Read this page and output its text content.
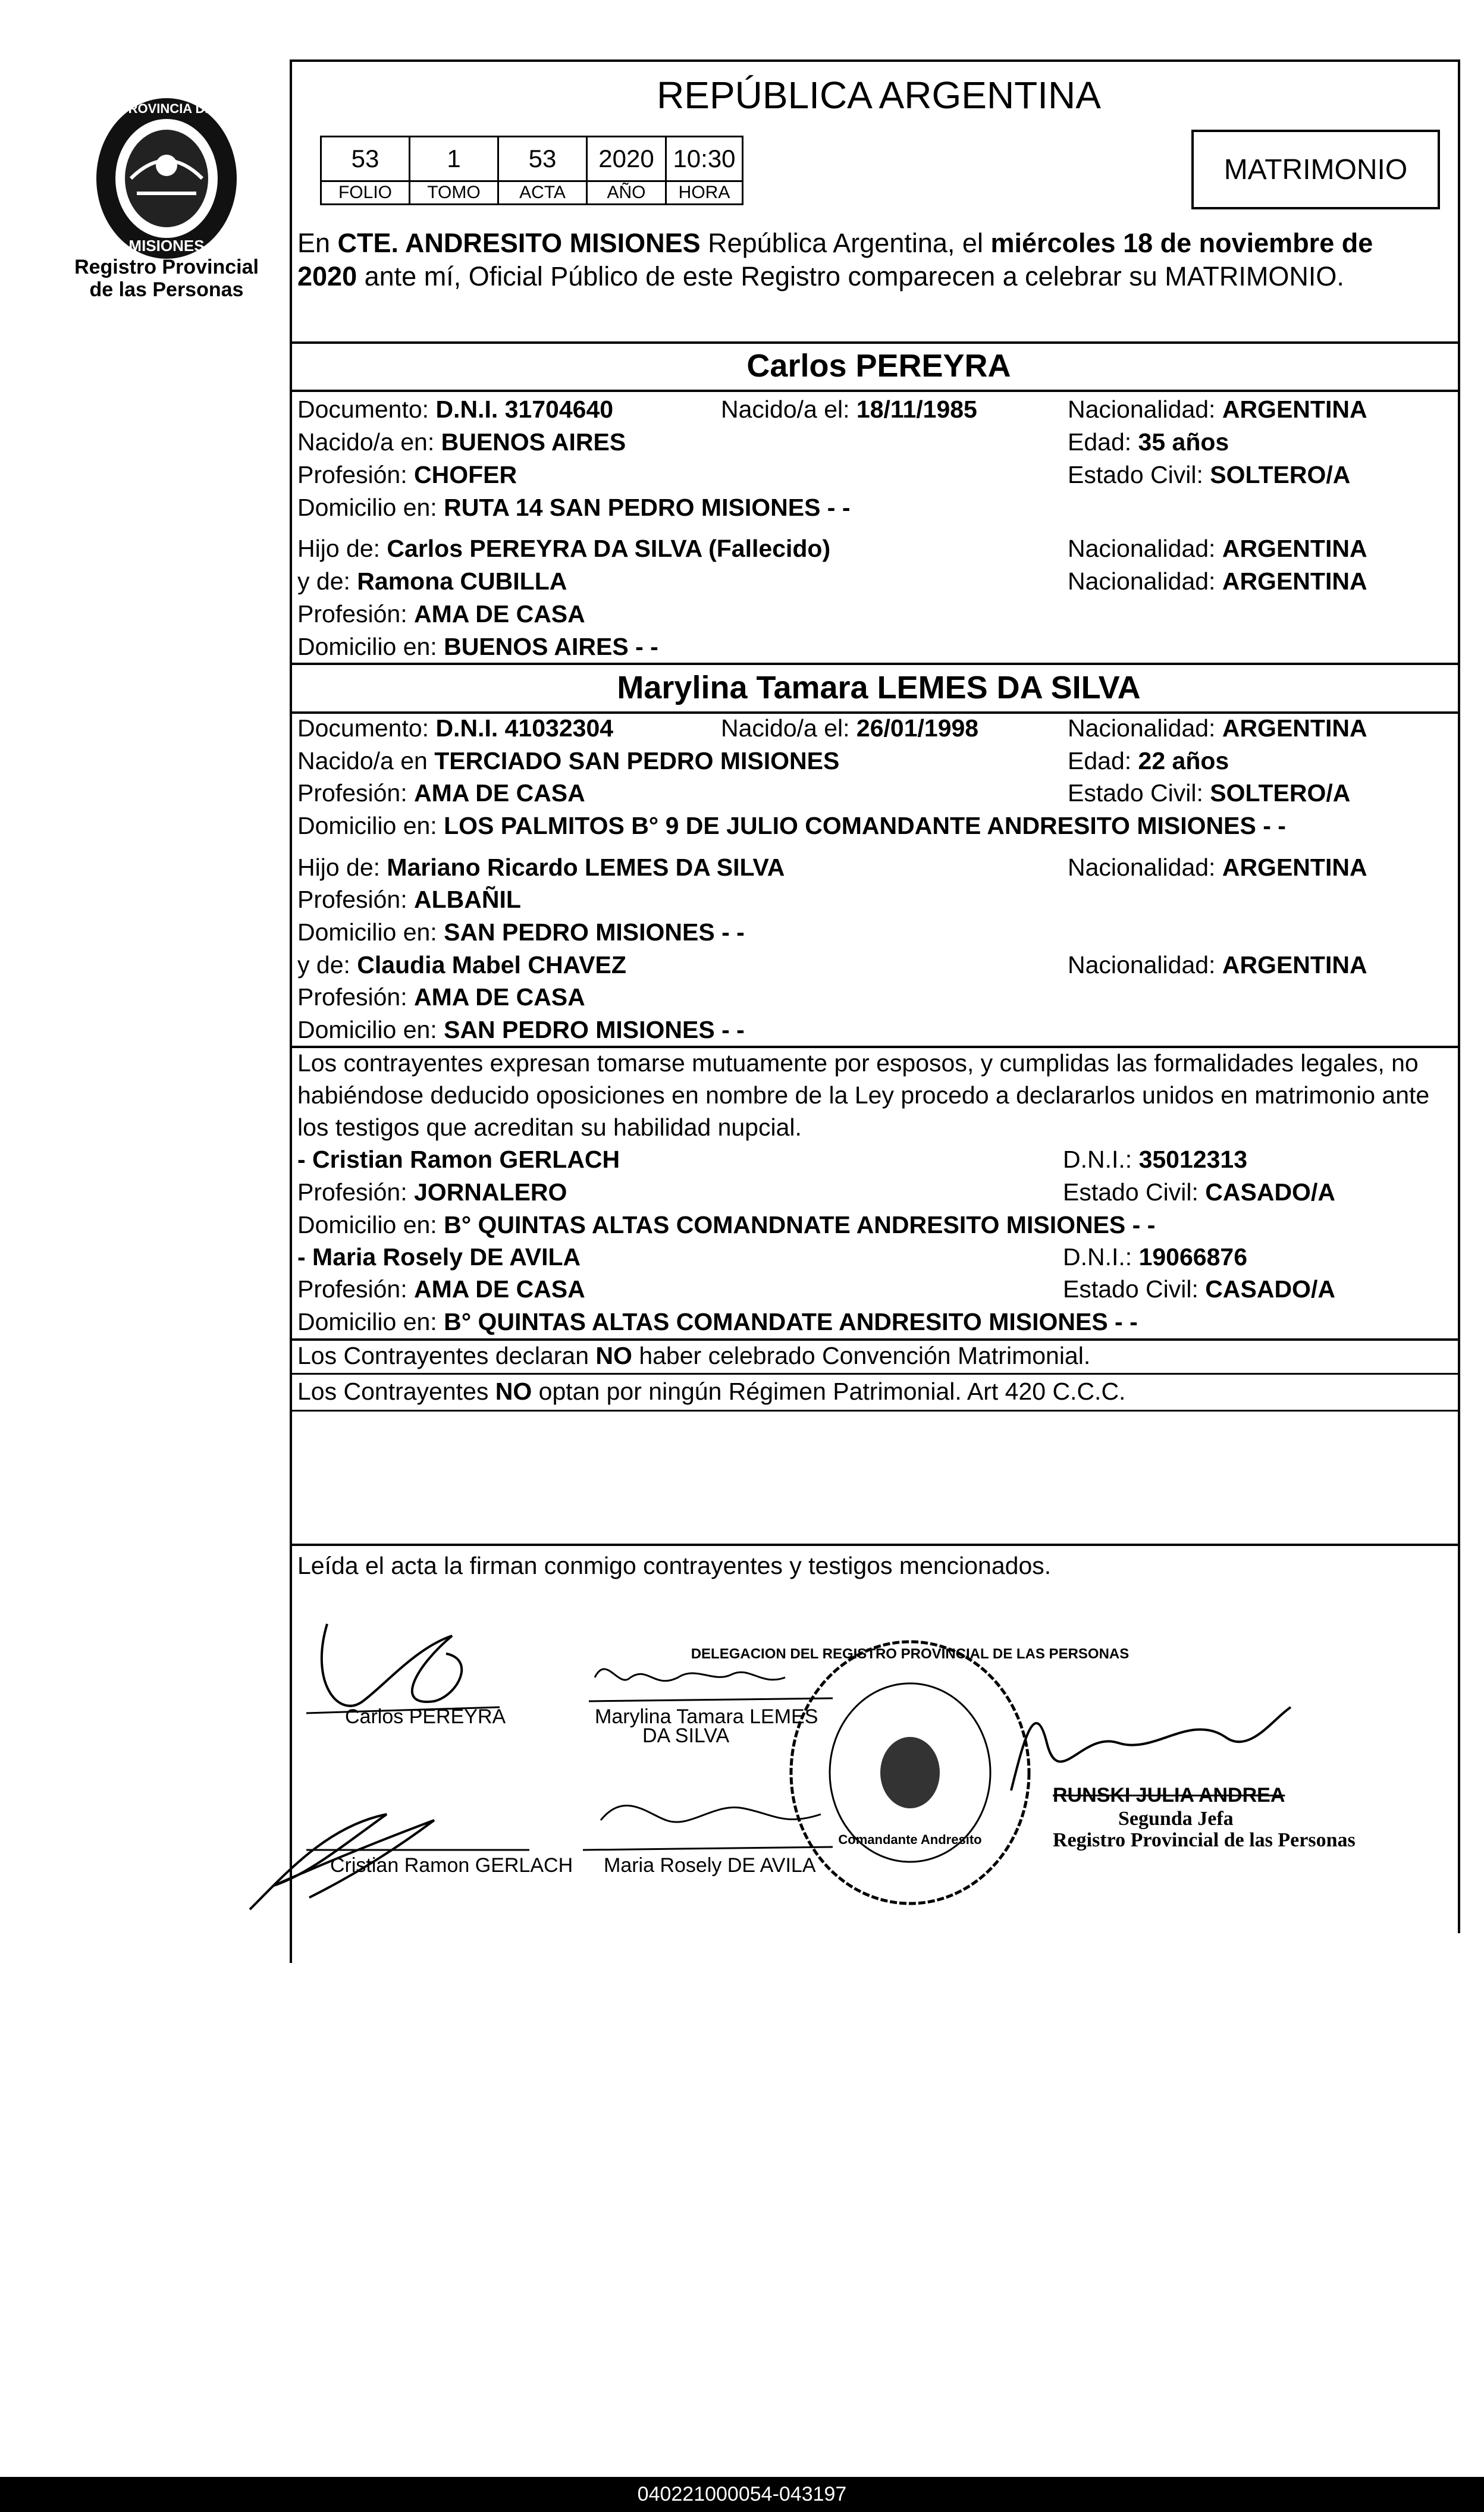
PROVINCIA DE
MISIONES
Registro Provincial
de las Personas
REPÚBLICA ARGENTINA
53	1	53	2020	10:30
FOLIO	TOMO	ACTA	AÑO	HORA
MATRIMONIO
En CTE. ANDRESITO MISIONES República Argentina, el miércoles 18 de noviembre de
2020 ante mí, Oficial Público de este Registro comparecen a celebrar su MATRIMONIO.
Carlos PEREYRA
Documento: D.N.I. 31704640	Nacido/a el: 18/11/1985	Nacionalidad: ARGENTINA
Nacido/a en: BUENOS AIRES	Edad: 35 años
Profesión: CHOFER	Estado Civil: SOLTERO/A
Domicilio en: RUTA 14 SAN PEDRO MISIONES - -
Hijo de: Carlos PEREYRA DA SILVA (Fallecido)	Nacionalidad: ARGENTINA
y de: Ramona CUBILLA	Nacionalidad: ARGENTINA
Profesión: AMA DE CASA
Domicilio en: BUENOS AIRES - -
Marylina Tamara LEMES DA SILVA
Documento: D.N.I. 41032304	Nacido/a el: 26/01/1998	Nacionalidad: ARGENTINA
Nacido/a en TERCIADO SAN PEDRO MISIONES	Edad: 22 años
Profesión: AMA DE CASA	Estado Civil: SOLTERO/A
Domicilio en: LOS PALMITOS B° 9 DE JULIO COMANDANTE ANDRESITO MISIONES - -
Hijo de: Mariano Ricardo LEMES DA SILVA	Nacionalidad: ARGENTINA
Profesión: ALBAÑIL
Domicilio en: SAN PEDRO MISIONES - -
y de: Claudia Mabel CHAVEZ	Nacionalidad: ARGENTINA
Profesión: AMA DE CASA
Domicilio en: SAN PEDRO MISIONES - -
Los contrayentes expresan tomarse mutuamente por esposos, y cumplidas las formalidades legales, no
habiéndose deducido oposiciones en nombre de la Ley procedo a declararlos unidos en matrimonio ante
los testigos que acreditan su habilidad nupcial.
- Cristian Ramon GERLACH	D.N.I.: 35012313
Profesión: JORNALERO	Estado Civil: CASADO/A
Domicilio en: B° QUINTAS ALTAS COMANDNATE ANDRESITO MISIONES - -
- Maria Rosely DE AVILA	D.N.I.: 19066876
Profesión: AMA DE CASA	Estado Civil: CASADO/A
Domicilio en: B° QUINTAS ALTAS COMANDATE ANDRESITO MISIONES - -
Los Contrayentes declaran NO haber celebrado Convención Matrimonial.
Los Contrayentes NO optan por ningún Régimen Patrimonial. Art 420 C.C.C.
Leída el acta la firman conmigo contrayentes y testigos mencionados.
DELEGACION DEL REGISTRO PROVINCIAL DE LAS PERSONAS
Comandante Andresito
Carlos PEREYRA	Marylina Tamara LEMES
DA SILVA
Cristian Ramon GERLACH Maria Rosely DE AVILA
RUNSKI JULIA ANDREA
Segunda Jefa
Registro Provincial de las Personas
040221000054-043197
